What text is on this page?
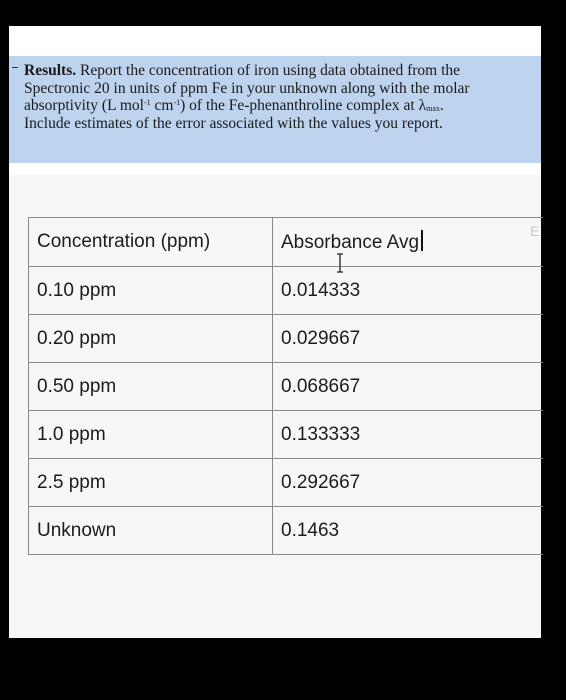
Results. Report the concentration of iron using data obtained from the
Spectronic 20 in units of ppm Fe in your unknown along with the molar
absorptivity (L mol$^{-1}$ $cm^{-1}$) of the Fe-phenanthroline complex at $\lambda_{max}$.
Include estimates of the error associated with the values you report.
Concentration (ppm)	Absorbance Avg
0.10 ppm	0.014333
0.20 ppm	0.029667
0.50 ppm	0.068667
1.0 ppm	0.133333
2.5 ppm	0.292667
Unknown	0.1463
E
